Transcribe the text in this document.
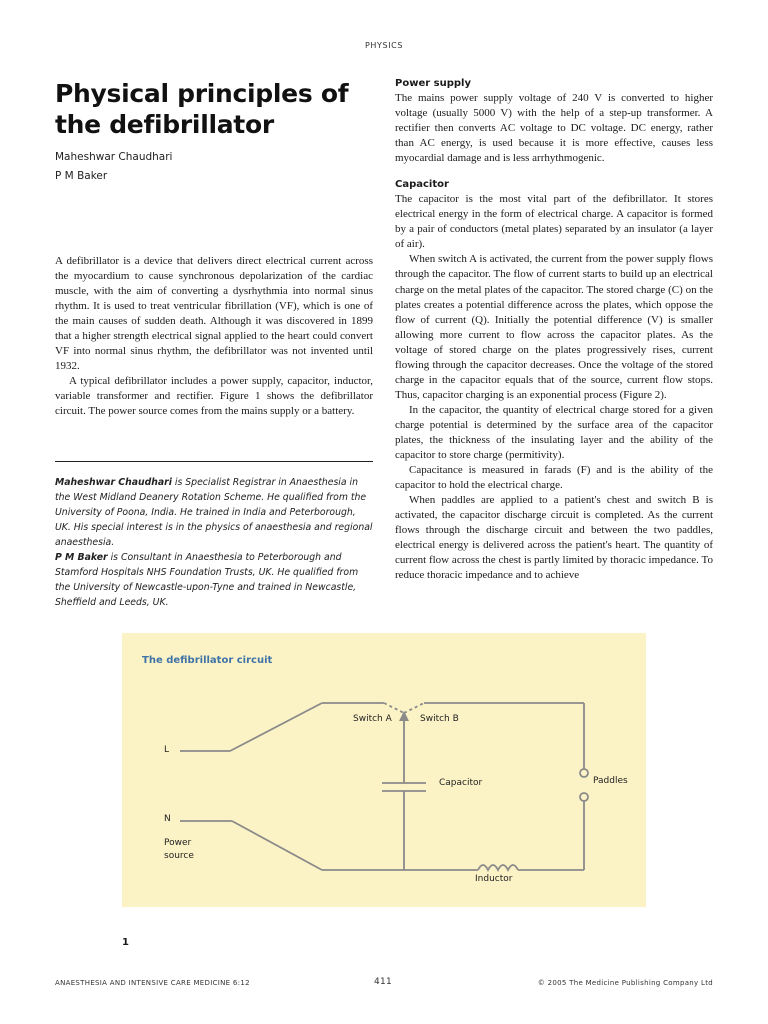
PHYSICS
Physical principles of the defibrillator
Maheshwar Chaudhari
P M Baker

A defibrillator is a device that delivers direct electrical current across the myocardium to cause synchronous depolarization of the cardiac muscle, with the aim of converting a dysrhythmia into normal sinus rhythm. It is used to treat ventricular fibrillation (VF), which is one of the main causes of sudden death. Although it was discovered in 1899 that a higher strength electrical signal applied to the heart could convert VF into normal sinus rhythm, the defibrillator was not invented until 1932.

A typical defibrillator includes a power supply, capacitor, inductor, variable transformer and rectifier. Figure 1 shows the defibrillator circuit. The power source comes from the mains supply or a battery.

Maheshwar Chaudhari is Specialist Registrar in Anaesthesia in the West Midland Deanery Rotation Scheme. He qualified from the University of Poona, India. He trained in India and Peterborough, UK. His special interest is in the physics of anaesthesia and regional anaesthesia.

P M Baker is Consultant in Anaesthesia to Peterborough and Stamford Hospitals NHS Foundation Trusts, UK. He qualified from the University of Newcastle-upon-Tyne and trained in Newcastle, Sheffield and Leeds, UK.

Power supply

The mains power supply voltage of 240 V is converted to higher voltage (usually 5000 V) with the help of a step-up transformer. A rectifier then converts AC voltage to DC voltage. DC energy, rather than AC energy, is used because it is more effective, causes less myocardial damage and is less arrhythmogenic.

Capacitor

The capacitor is the most vital part of the defibrillator. It stores electrical energy in the form of electrical charge. A capacitor is formed by a pair of conductors (metal plates) separated by an insulator (a layer of air).

When switch A is activated, the current from the power supply flows through the capacitor. The flow of current starts to build up an electrical charge on the metal plates of the capacitor. The stored charge (C) on the plates creates a potential difference across the plates, which oppose the flow of current (Q). Initially the potential difference (V) is smaller allowing more current to flow across the capacitor plates. As the voltage of stored charge on the plates progressively rises, current flowing through the capacitor decreases. Once the voltage of the stored charge in the capacitor equals that of the source, current flow stops. Thus, capacitor charging is an exponential process (Figure 2).

In the capacitor, the quantity of electrical charge stored for a given charge potential is determined by the surface area of the capacitor plates, the thickness of the insulating layer and the ability of the capacitor to store charge (permitivity).

Capacitance is measured in farads (F) and is the ability of the capacitor to hold the electrical charge.

When paddles are applied to a patient's chest and switch B is activated, the capacitor discharge circuit is completed. As the current flows through the discharge circuit and between the two paddles, electrical energy is delivered across the patient's heart. The quantity of current flow across the chest is partly limited by thoracic impedance. To reduce thoracic impedance and to achieve

The defibrillator circuit
Switch A	Switch B
L
Capacitor	Paddles
N
Power
source
Inductor
1
ANAESTHESIA AND INTENSIVE CARE MEDICINE 6:12	411	© 2005 The Medicine Publishing Company Ltd
